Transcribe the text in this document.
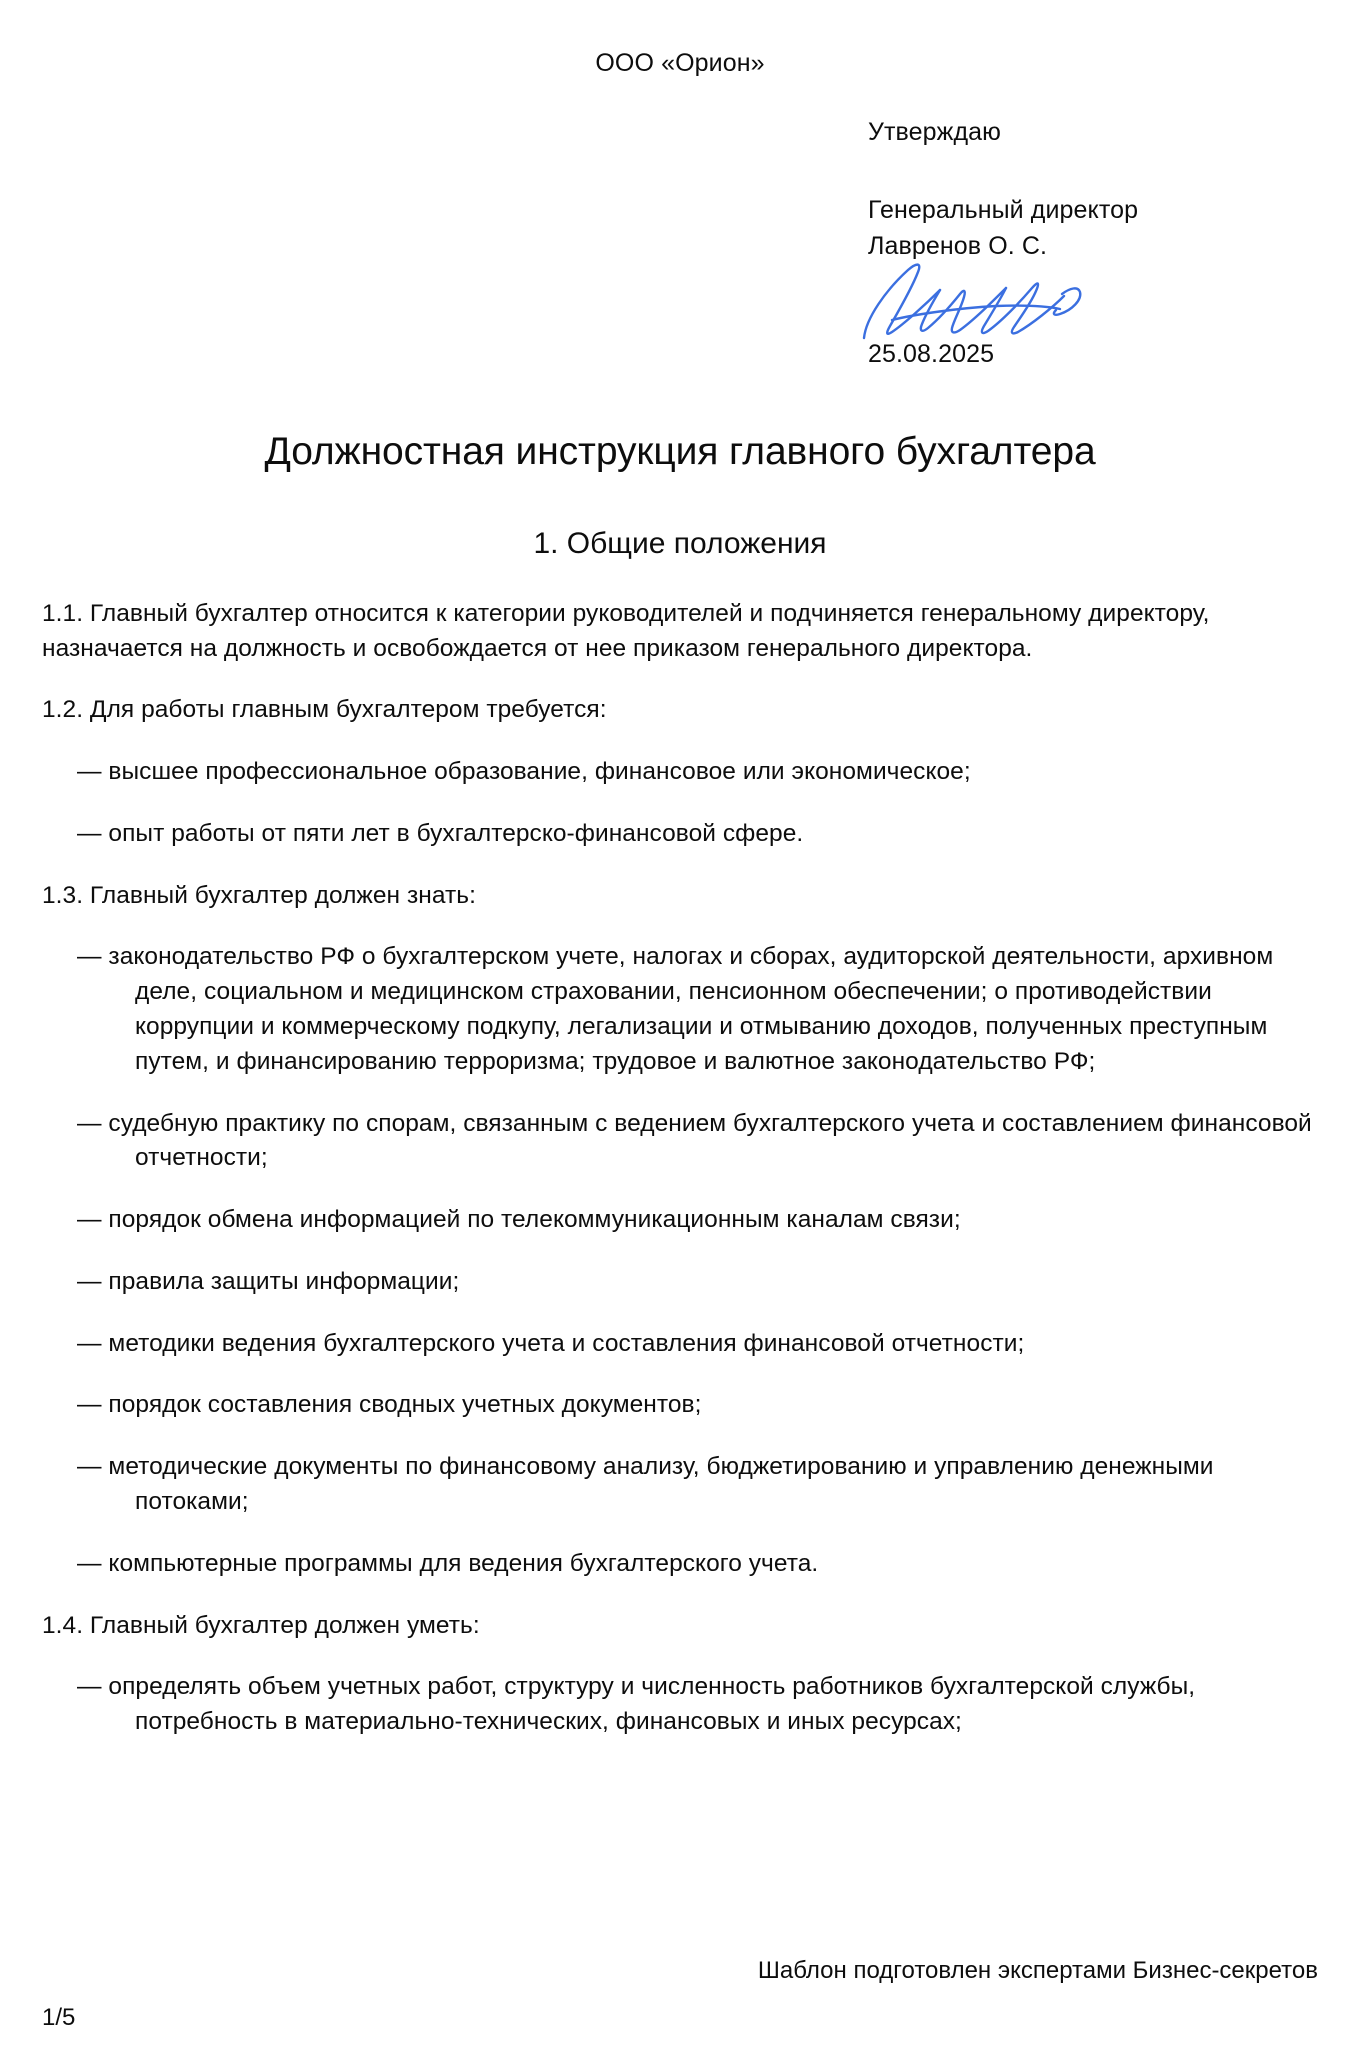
ООО «Орион»
Утверждаю
Генеральный директор
Лавренов О. С.
25.08.2025
Должностная инструкция главного бухгалтера
1. Общие положения

1.1. Главный бухгалтер относится к категории руководителей и подчиняется генеральному директору, назначается на должность и освобождается от нее приказом генерального директора.

1.2. Для работы главным бухгалтером требуется:

— высшее профессиональное образование, финансовое или экономическое;
— опыт работы от пяти лет в бухгалтерско-финансовой сфере.

1.3. Главный бухгалтер должен знать:

— законодательство РФ о бухгалтерском учете, налогах и сборах, аудиторской деятельности, архивном деле, социальном и медицинском страховании, пенсионном обеспечении; о противодействии коррупции и коммерческому подкупу, легализации и отмыванию доходов, полученных преступным путем, и финансированию терроризма; трудовое и валютное законодательство РФ;
— судебную практику по спорам, связанным с ведением бухгалтерского учета и составлением финансовой отчетности;
— порядок обмена информацией по телекоммуникационным каналам связи;
— правила защиты информации;
— методики ведения бухгалтерского учета и составления финансовой отчетности;
— порядок составления сводных учетных документов;
— методические документы по финансовому анализу, бюджетированию и управлению денежными потоками;
— компьютерные программы для ведения бухгалтерского учета.

1.4. Главный бухгалтер должен уметь:

— определять объем учетных работ, структуру и численность работников бухгалтерской службы, потребность в материально-технических, финансовых и иных ресурсах;
Шаблон подготовлен экспертами Бизнес-секретов
1/5
